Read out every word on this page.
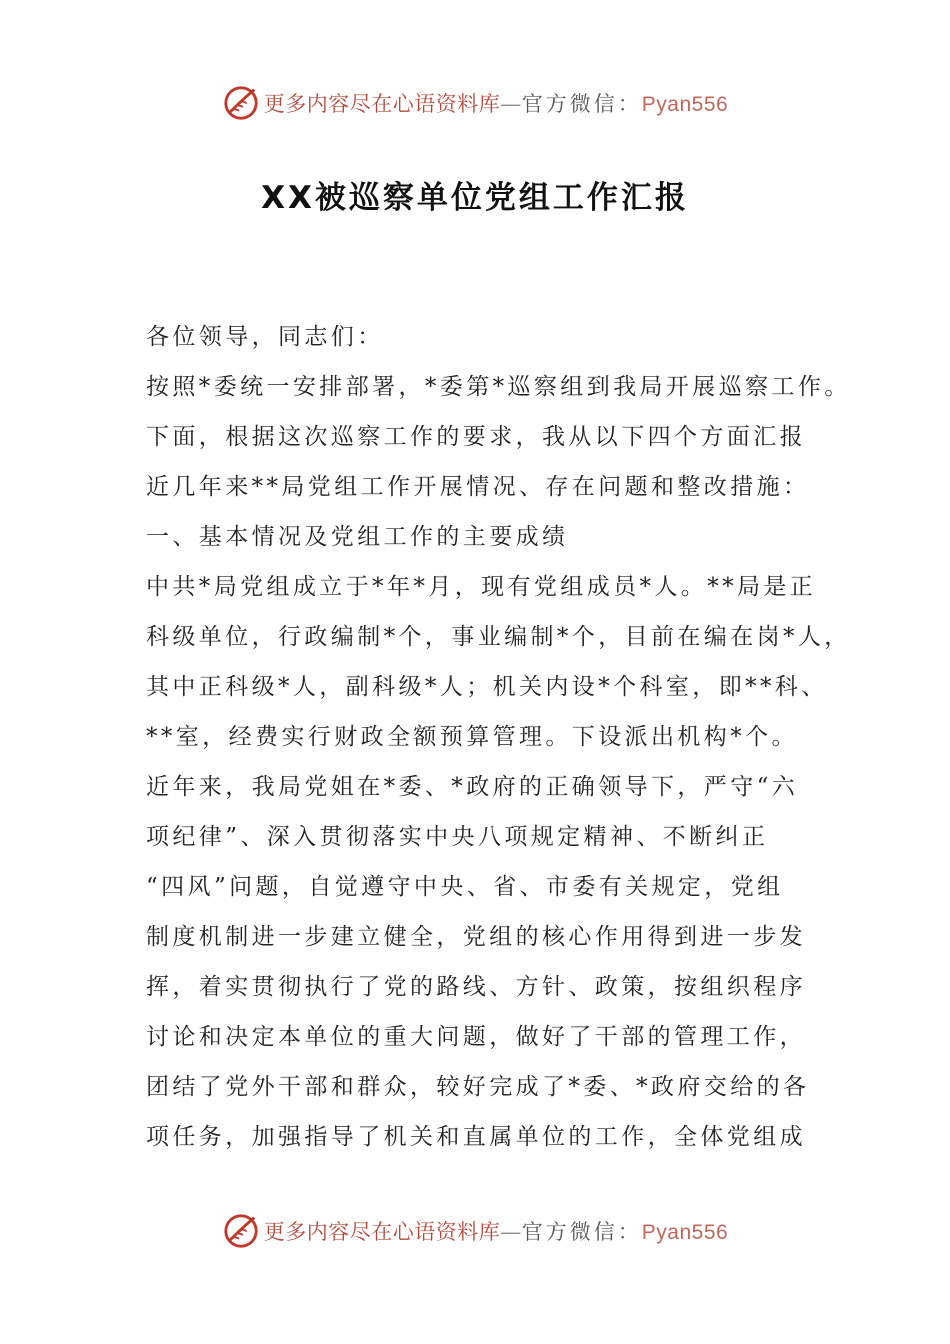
更多内容尽在心语资料库—官方微信：Pyan556
XX被巡察单位党组工作汇报
各位领导，同志们：
按照*委统一安排部署，*委第*巡察组到我局开展巡察工作。
下面，根据这次巡察工作的要求，我从以下四个方面汇报
近几年来**局党组工作开展情况、存在问题和整改措施：
一、基本情况及党组工作的主要成绩
中共*局党组成立于*年*月，现有党组成员*人。**局是正
科级单位，行政编制*个，事业编制*个，目前在编在岗*人，
其中正科级*人，副科级*人；机关内设*个科室，即**科、
**室，经费实行财政全额预算管理。下设派出机构*个。
近年来，我局党姐在*委、*政府的正确领导下，严守“六
项纪律”、深入贯彻落实中央八项规定精神、不断纠正
“四风”问题，自觉遵守中央、省、市委有关规定，党组
制度机制进一步建立健全，党组的核心作用得到进一步发
挥，着实贯彻执行了党的路线、方针、政策，按组织程序
讨论和决定本单位的重大问题，做好了干部的管理工作，
团结了党外干部和群众，较好完成了*委、*政府交给的各
项任务，加强指导了机关和直属单位的工作，全体党组成
更多内容尽在心语资料库—官方微信：Pyan556
